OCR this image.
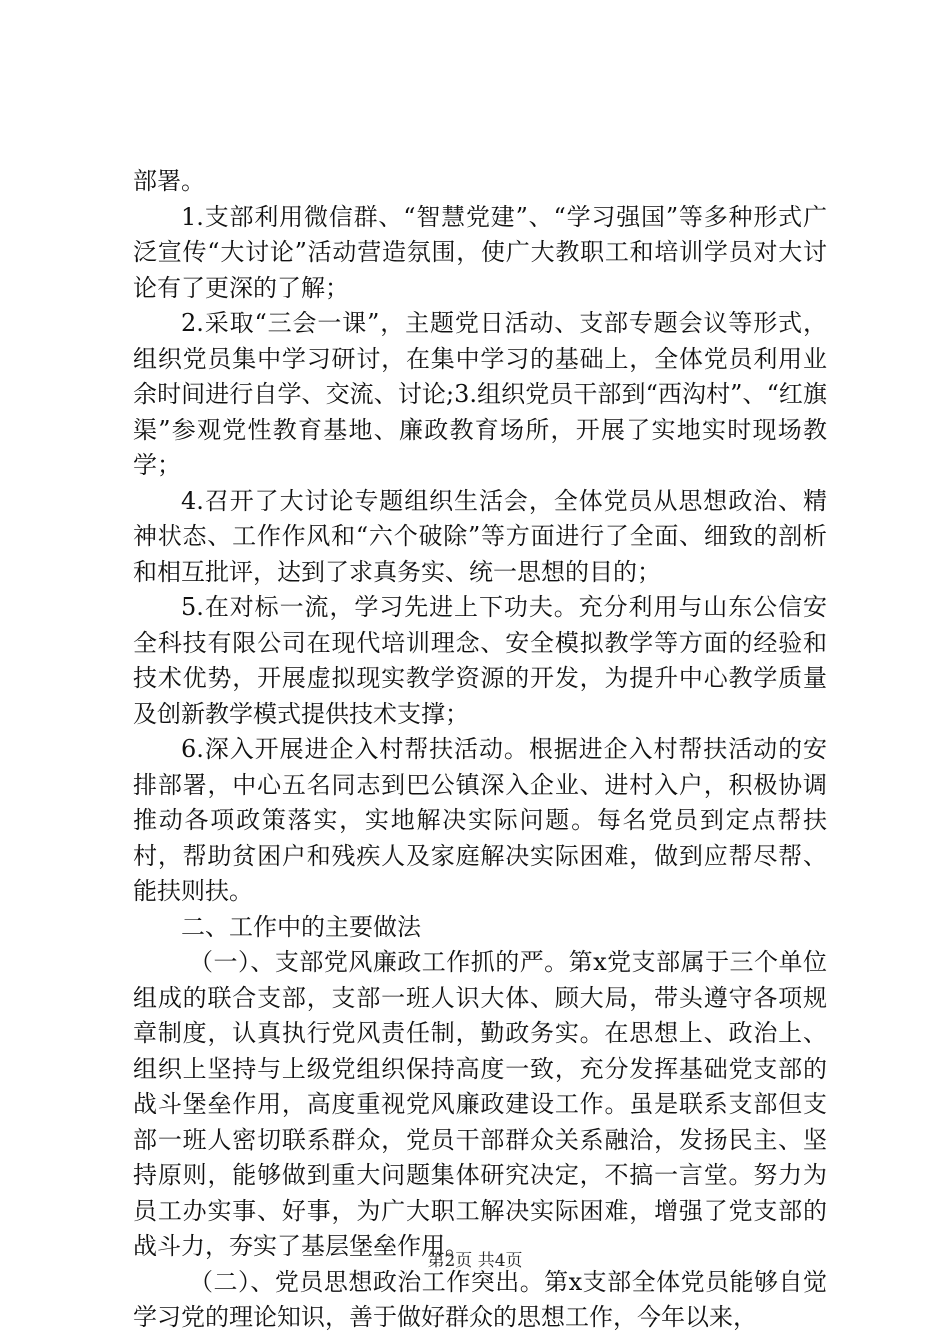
部署。

1.支部利用微信群、“智慧党建”、“学习强国”等多种形式广泛宣传“大讨论”活动营造氛围，使广大教职工和培训学员对大讨论有了更深的了解；

2.采取“三会一课”，主题党日活动、支部专题会议等形式，组织党员集中学习研讨，在集中学习的基础上，全体党员利用业余时间进行自学、交流、讨论;3.组织党员干部到“西沟村”、“红旗渠”参观党性教育基地、廉政教育场所，开展了实地实时现场教学；

4.召开了大讨论专题组织生活会，全体党员从思想政治、精神状态、工作作风和“六个破除”等方面进行了全面、细致的剖析和相互批评，达到了求真务实、统一思想的目的；

5.在对标一流，学习先进上下功夫。充分利用与山东公信安全科技有限公司在现代培训理念、安全模拟教学等方面的经验和技术优势，开展虚拟现实教学资源的开发，为提升中心教学质量及创新教学模式提供技术支撑；

6.深入开展进企入村帮扶活动。根据进企入村帮扶活动的安排部署，中心五名同志到巴公镇深入企业、进村入户，积极协调推动各项政策落实，实地解决实际问题。每名党员到定点帮扶村，帮助贫困户和残疾人及家庭解决实际困难，做到应帮尽帮、能扶则扶。

二、工作中的主要做法

（一）、支部党风廉政工作抓的严。第x党支部属于三个单位组成的联合支部，支部一班人识大体、顾大局，带头遵守各项规章制度，认真执行党风责任制，勤政务实。在思想上、政治上、组织上坚持与上级党组织保持高度一致，充分发挥基础党支部的战斗堡垒作用，高度重视党风廉政建设工作。虽是联系支部但支部一班人密切联系群众，党员干部群众关系融洽，发扬民主、坚持原则，能够做到重大问题集体研究决定，不搞一言堂。努力为员工办实事、好事，为广大职工解决实际困难，增强了党支部的战斗力，夯实了基层堡垒作用。

（二）、党员思想政治工作突出。第x支部全体党员能够自觉学习党的理论知识，善于做好群众的思想工作，今年以来，

第2页 共4页
